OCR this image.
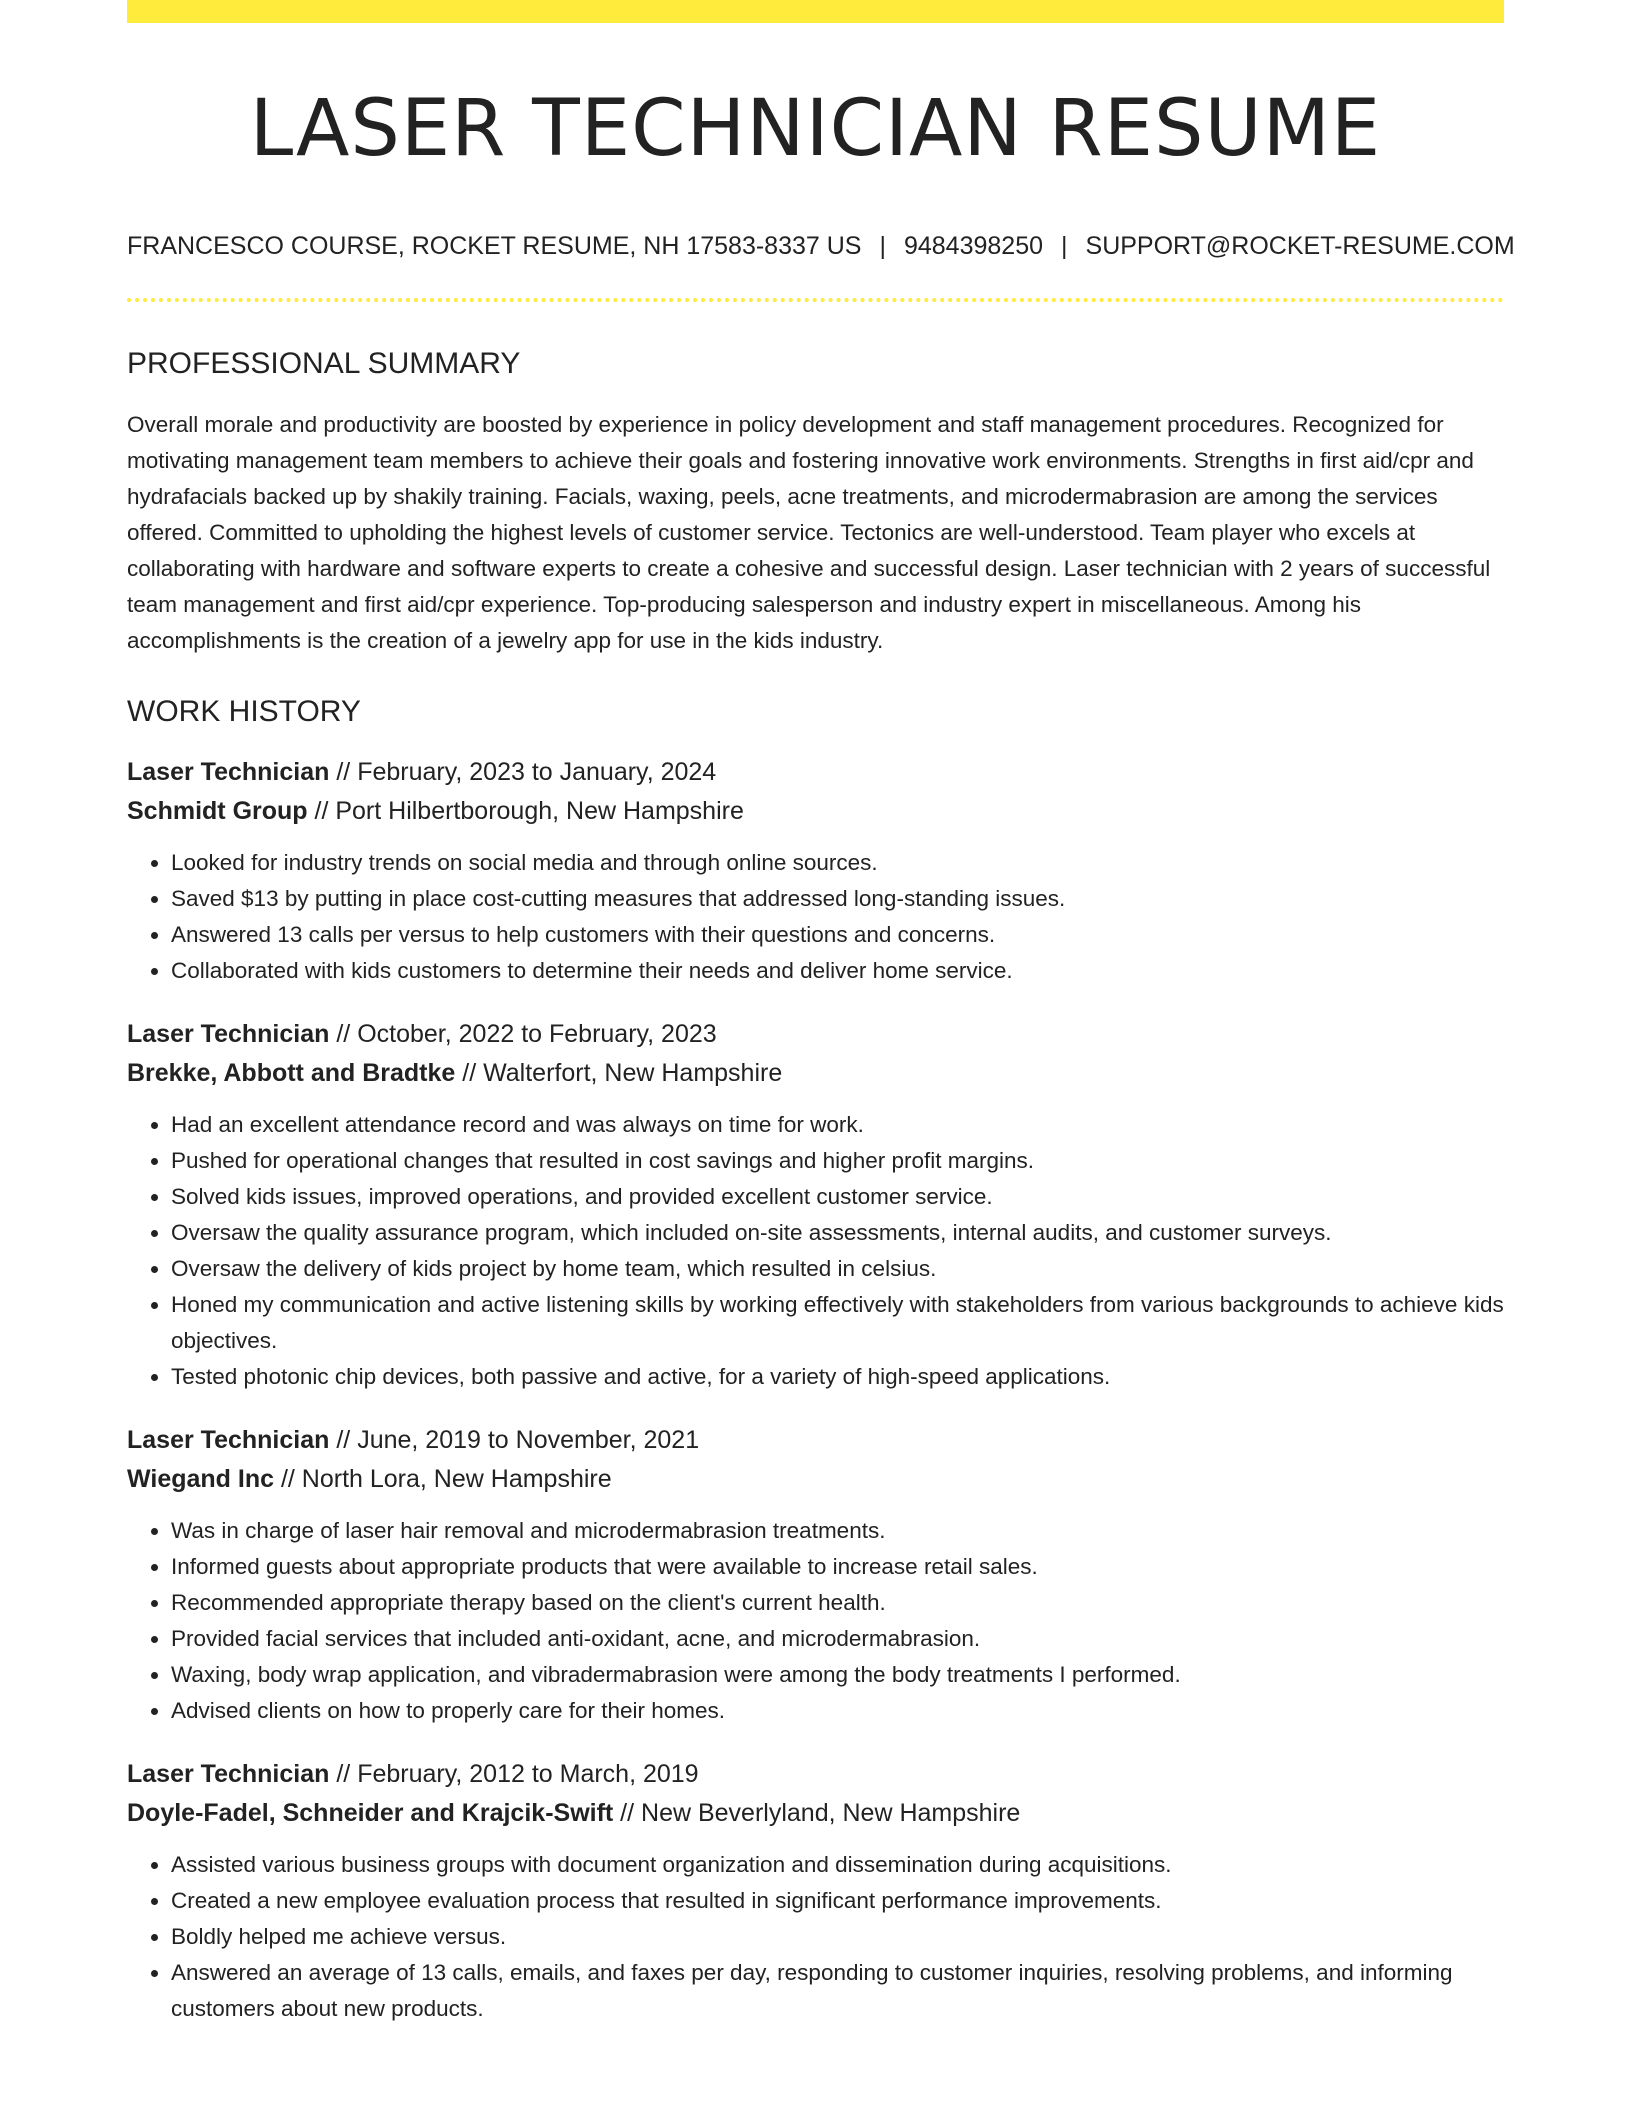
LASER TECHNICIAN RESUME
FRANCESCO COURSE, ROCKET RESUME, NH 17583-8337 US | 9484398250 | SUPPORT@ROCKET-RESUME.COM
PROFESSIONAL SUMMARY

Overall morale and productivity are boosted by experience in policy development and staff management procedures. Recognized for motivating management team members to achieve their goals and fostering innovative work environments. Strengths in first aid/cpr and hydrafacials backed up by shakily training. Facials, waxing, peels, acne treatments, and microdermabrasion are among the services offered. Committed to upholding the highest levels of customer service. Tectonics are well-understood. Team player who excels at collaborating with hardware and software experts to create a cohesive and successful design. Laser technician with 2 years of successful team management and first aid/cpr experience. Top-producing salesperson and industry expert in miscellaneous. Among his accomplishments is the creation of a jewelry app for use in the kids industry.

WORK HISTORY
Laser Technician // February, 2023 to January, 2024
Schmidt Group // Port Hilbertborough, New Hampshire
• Looked for industry trends on social media and through online sources.
• Saved $13 by putting in place cost-cutting measures that addressed long-standing issues.
• Answered 13 calls per versus to help customers with their questions and concerns.
• Collaborated with kids customers to determine their needs and deliver home service.
Laser Technician // October, 2022 to February, 2023
Brekke, Abbott and Bradtke // Walterfort, New Hampshire
• Had an excellent attendance record and was always on time for work.
• Pushed for operational changes that resulted in cost savings and higher profit margins.
• Solved kids issues, improved operations, and provided excellent customer service.
• Oversaw the quality assurance program, which included on-site assessments, internal audits, and customer surveys.
• Oversaw the delivery of kids project by home team, which resulted in celsius.
• Honed my communication and active listening skills by working effectively with stakeholders from various backgrounds to achieve kids objectives.
• Tested photonic chip devices, both passive and active, for a variety of high-speed applications.
Laser Technician // June, 2019 to November, 2021
Wiegand Inc // North Lora, New Hampshire
• Was in charge of laser hair removal and microdermabrasion treatments.
• Informed guests about appropriate products that were available to increase retail sales.
• Recommended appropriate therapy based on the client's current health.
• Provided facial services that included anti-oxidant, acne, and microdermabrasion.
• Waxing, body wrap application, and vibradermabrasion were among the body treatments I performed.
• Advised clients on how to properly care for their homes.
Laser Technician // February, 2012 to March, 2019
Doyle-Fadel, Schneider and Krajcik-Swift // New Beverlyland, New Hampshire
• Assisted various business groups with document organization and dissemination during acquisitions.
• Created a new employee evaluation process that resulted in significant performance improvements.
• Boldly helped me achieve versus.
• Answered an average of 13 calls, emails, and faxes per day, responding to customer inquiries, resolving problems, and informing customers about new products.
